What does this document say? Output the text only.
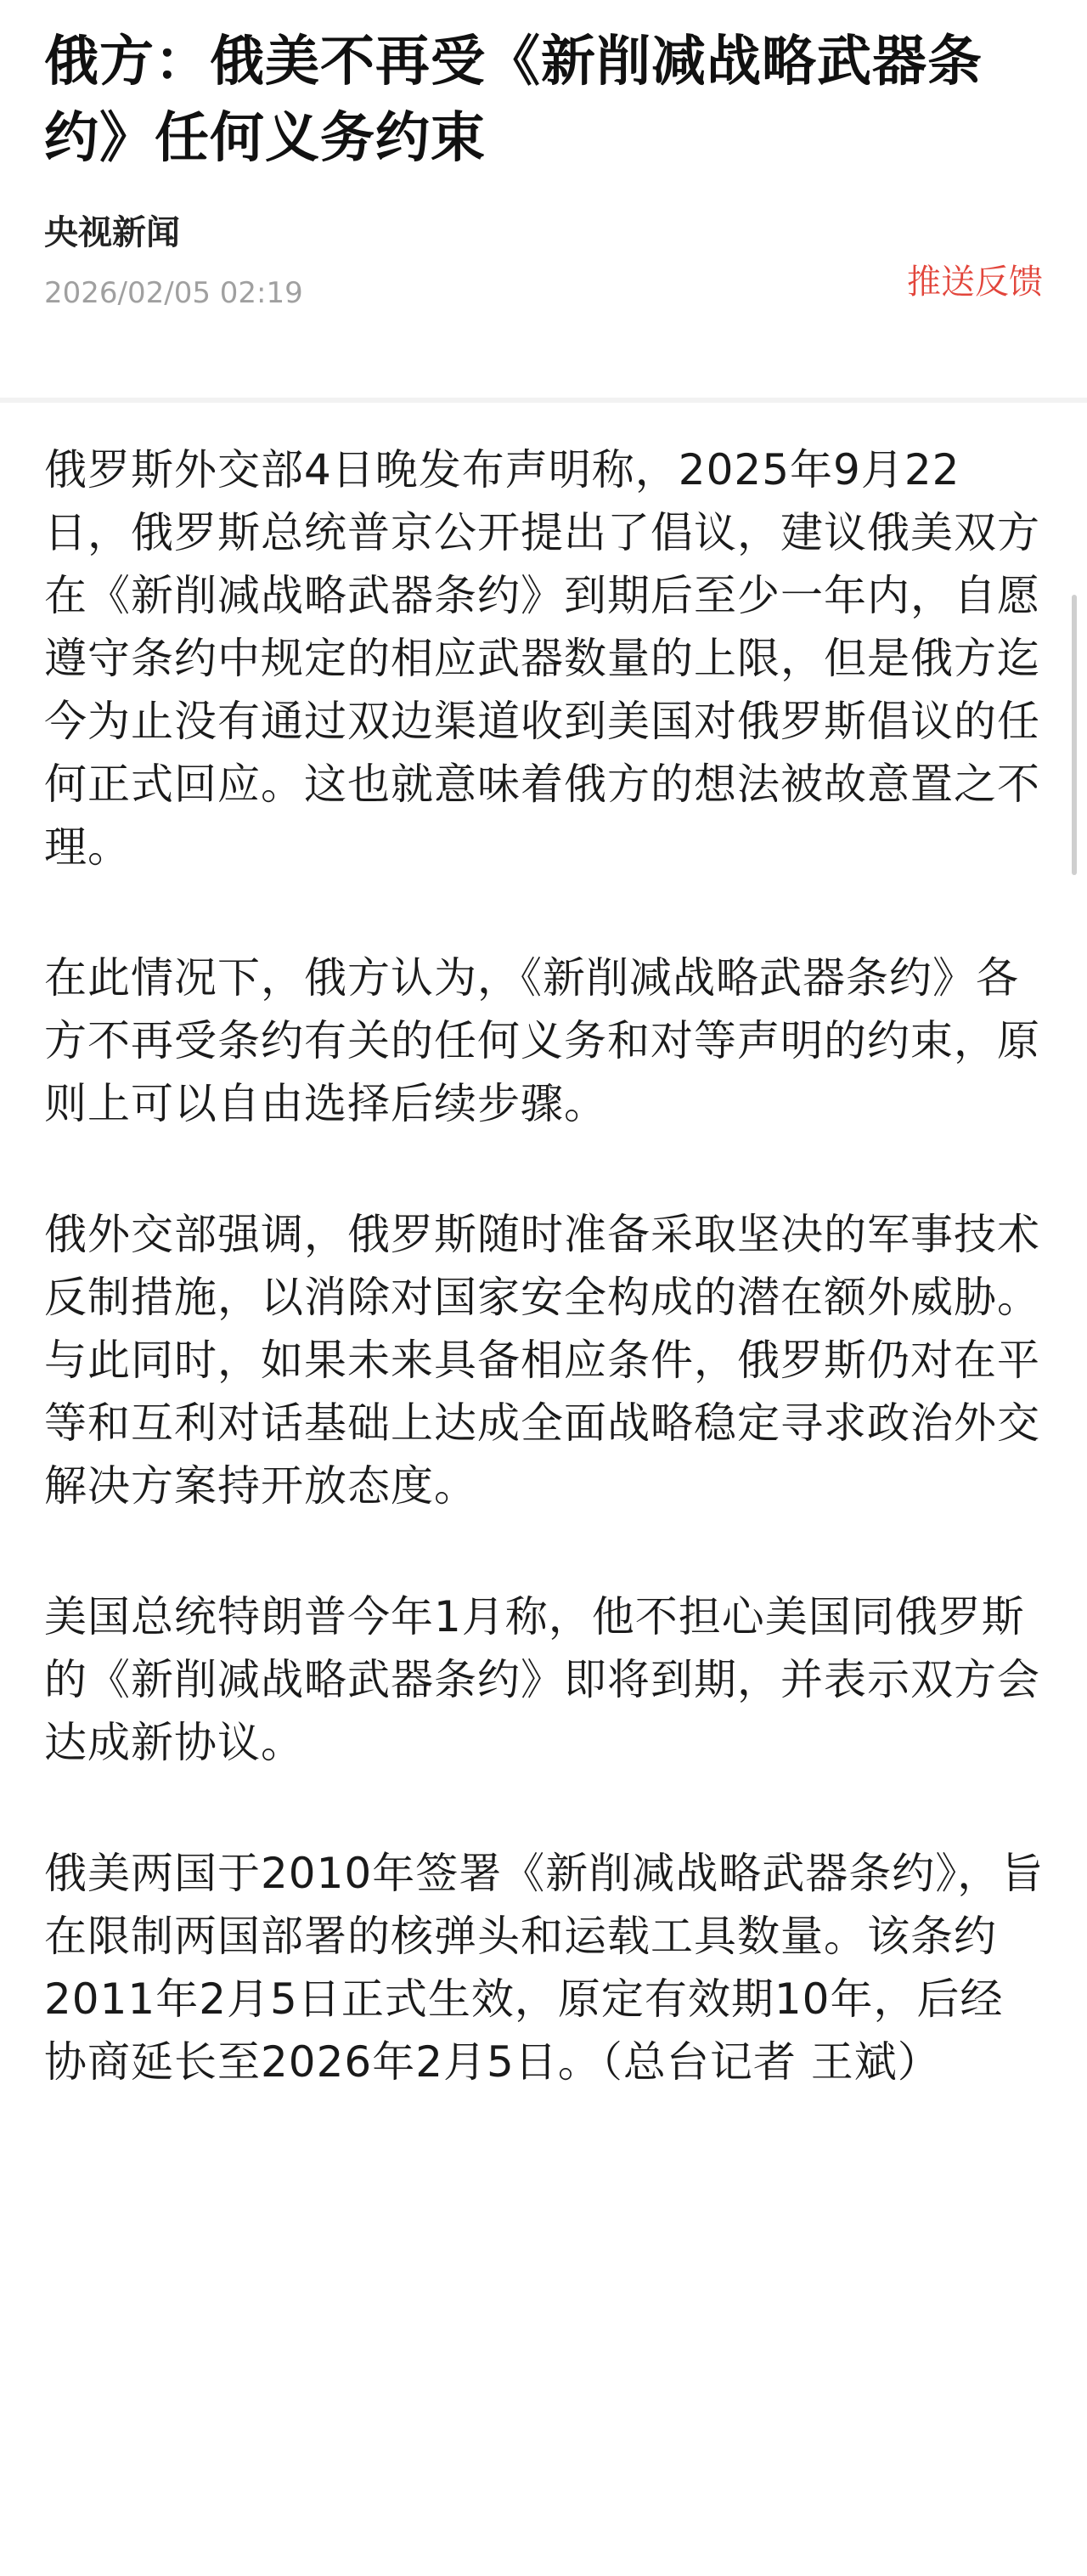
俄方：俄美不再受《新削减战略武器条约》任何义务约束
央视新闻
2026/02/05 02:19	推送反馈

俄罗斯外交部4日晚发布声明称，2025年9月22日，俄罗斯总统普京公开提出了倡议，建议俄美双方在《新削减战略武器条约》到期后至少一年内，自愿遵守条约中规定的相应武器数量的上限，但是俄方迄今为止没有通过双边渠道收到美国对俄罗斯倡议的任何正式回应。这也就意味着俄方的想法被故意置之不理。

在此情况下，俄方认为，《新削减战略武器条约》各方不再受条约有关的任何义务和对等声明的约束，原则上可以自由选择后续步骤。

俄外交部强调，俄罗斯随时准备采取坚决的军事技术反制措施，以消除对国家安全构成的潜在额外威胁。与此同时，如果未来具备相应条件，俄罗斯仍对在平等和互利对话基础上达成全面战略稳定寻求政治外交解决方案持开放态度。

美国总统特朗普今年1月称，他不担心美国同俄罗斯的《新削减战略武器条约》即将到期，并表示双方会达成新协议。

俄美两国于2010年签署《新削减战略武器条约》，旨在限制两国部署的核弹头和运载工具数量。该条约2011年2月5日正式生效，原定有效期10年，后经协商延长至2026年2月5日。（总台记者 王斌）
